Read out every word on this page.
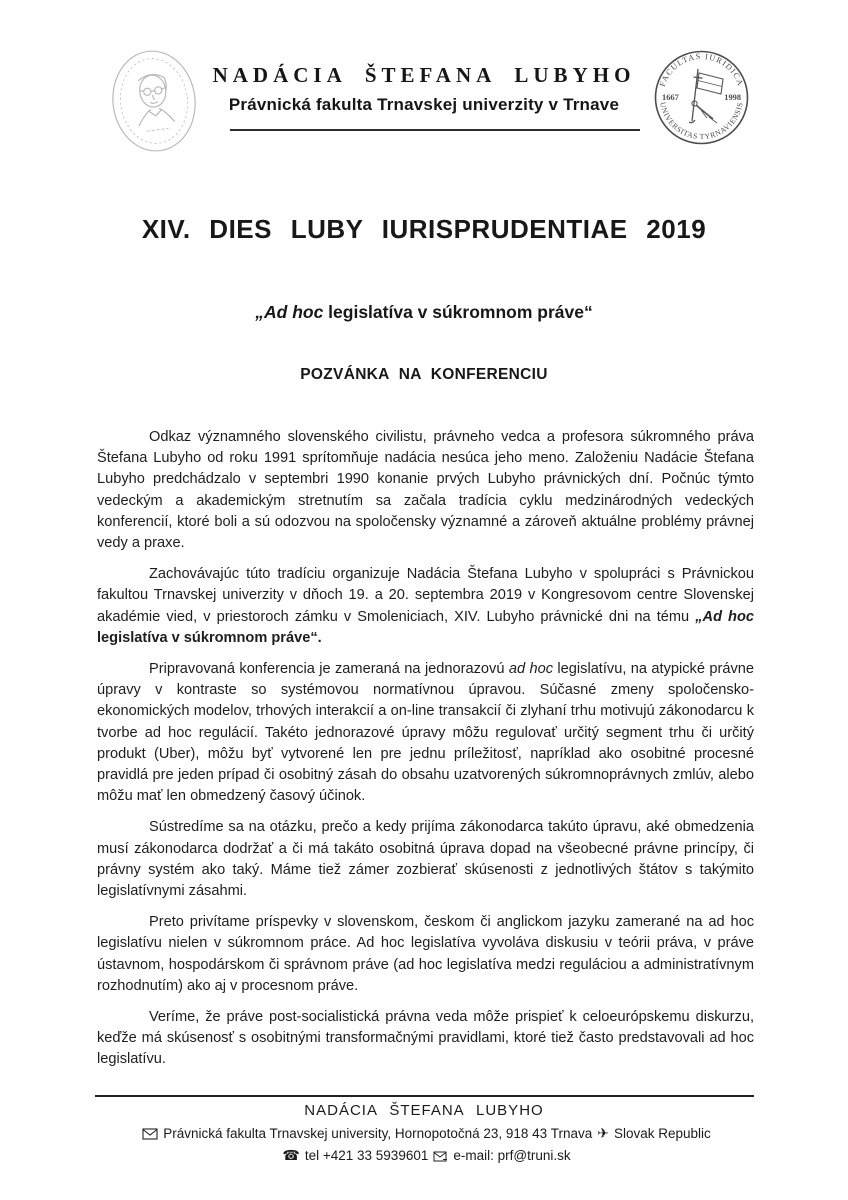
NADÁCIA ŠTEFANA LUBYHO
Právnická fakulta Trnavskej univerzity v Trnave
FACULTAS IURIDICA
UNIVERSITAS TYRNAVIENSIS
1667	1998
XIV. DIES LUBY IURISPRUDENTIAE 2019
„Ad hoc legislatíva v súkromnom práve“
POZVÁNKA NA KONFERENCIU

Odkaz významného slovenského civilistu, právneho vedca a profesora súkromného práva Štefana Lubyho od roku 1991 sprítomňuje nadácia nesúca jeho meno. Založeniu Nadácie Štefana Lubyho predchádzalo v septembri 1990 konanie prvých Lubyho právnických dní. Počnúc týmto vedeckým a akademickým stretnutím sa začala tradícia cyklu medzinárodných vedeckých konferencií, ktoré boli a sú odozvou na spoločensky významné a zároveň aktuálne problémy právnej vedy a praxe.

Zachovávajúc túto tradíciu organizuje Nadácia Štefana Lubyho v spolupráci s Právnickou fakultou Trnavskej univerzity v dňoch 19. a 20. septembra 2019 v Kongresovom centre Slovenskej akadémie vied, v priestoroch zámku v Smoleniciach, XIV. Lubyho právnické dni na tému „Ad hoc legislatíva v súkromnom práve“.

Pripravovaná konferencia je zameraná na jednorazovú ad hoc legislatívu, na atypické právne úpravy v kontraste so systémovou normatívnou úpravou. Súčasné zmeny spoločensko-ekonomických modelov, trhových interakcií a on-line transakcií či zlyhaní trhu motivujú zákonodarcu k tvorbe ad hoc regulácií. Takéto jednorazové úpravy môžu regulovať určitý segment trhu či určitý produkt (Uber), môžu byť vytvorené len pre jednu príležitosť, napríklad ako osobitné procesné pravidlá pre jeden prípad či osobitný zásah do obsahu uzatvorených súkromnoprávnych zmlúv, alebo môžu mať len obmedzený časový účinok.

Sústredíme sa na otázku, prečo a kedy prijíma zákonodarca takúto úpravu, aké obmedzenia musí zákonodarca dodržať a či má takáto osobitná úprava dopad na všeobecné právne princípy, či právny systém ako taký. Máme tiež zámer zozbierať skúsenosti z jednotlivých štátov s takýmito legislatívnymi zásahmi.

Preto privítame príspevky v slovenskom, českom či anglickom jazyku zamerané na ad hoc legislatívu nielen v súkromnom práce. Ad hoc legislatíva vyvoláva diskusiu v teórii práva, v práve ústavnom, hospodárskom či správnom práve (ad hoc legislatíva medzi reguláciou a administratívnym rozhodnutím) ako aj v procesnom práve.

Veríme, že práve post-socialistická právna veda môže prispieť k celoeurópskemu diskurzu, keďže má skúsenosť s osobitnými transformačnými pravidlami, ktoré tiež často predstavovali ad hoc legislatívu.

NADÁCIA ŠTEFANA LUBYHO
Právnická fakulta Trnavskej university, Hornopotočná 23, 918 43 Trnava ✈ Slovak Republic
☎ tel +421 33 5939601 e-mail: prf@truni.sk
